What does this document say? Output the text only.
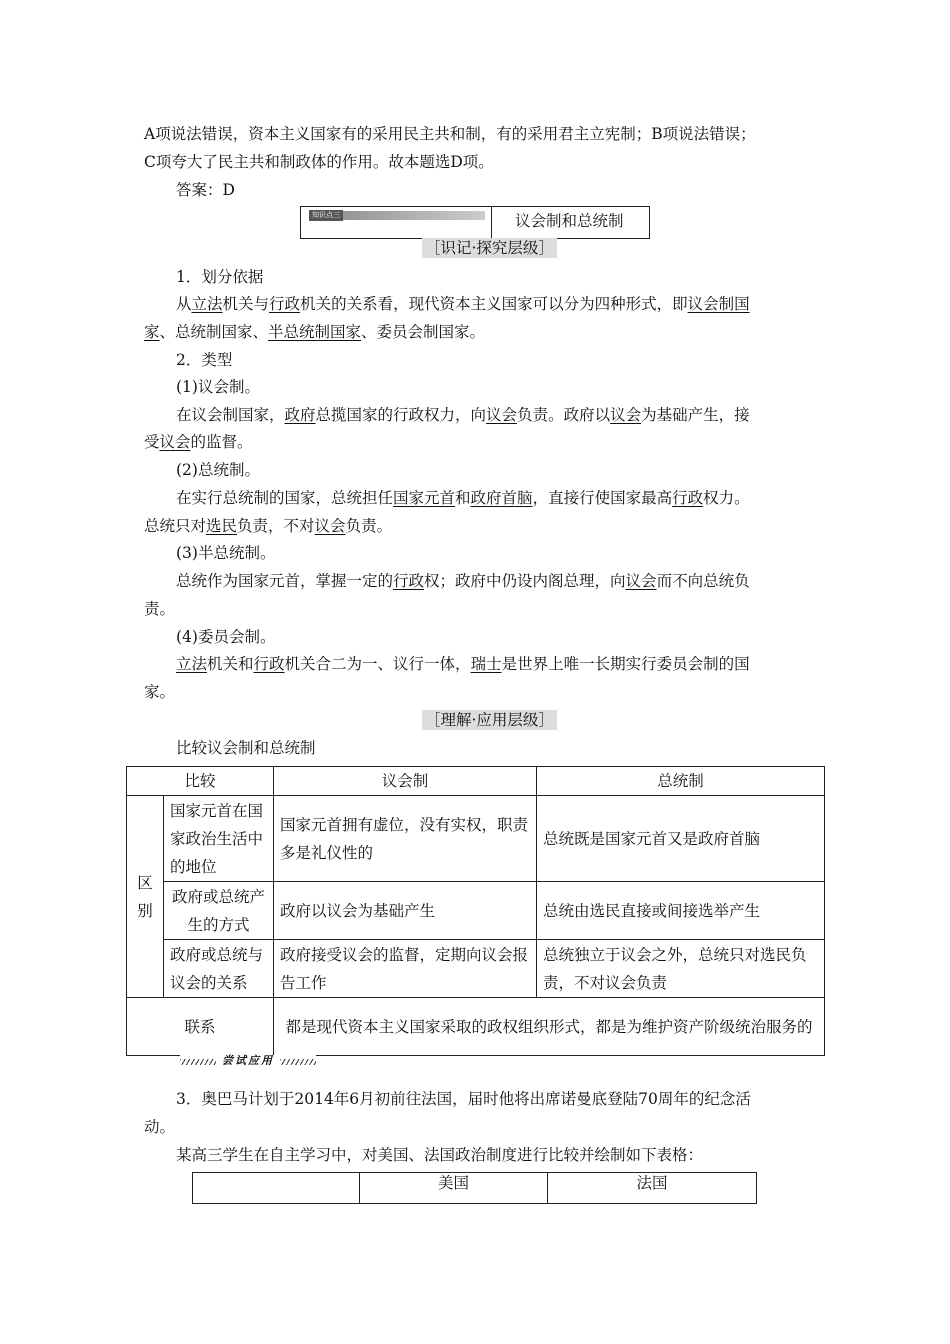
A项说法错误，资本主义国家有的采用民主共和制，有的采用君主立宪制；B项说法错误；
C项夸大了民主共和制政体的作用。故本题选D项。
答案：D
知识点三	议会制和总统制
［识记·探究层级］
1．划分依据
从立法机关与行政机关的关系看，现代资本主义国家可以分为四种形式，即议会制国
家、总统制国家、半总统制国家、委员会制国家。
2．类型
(1)议会制。
在议会制国家，政府总揽国家的行政权力，向议会负责。政府以议会为基础产生，接
受议会的监督。
(2)总统制。
在实行总统制的国家，总统担任国家元首和政府首脑，直接行使国家最高行政权力。
总统只对选民负责，不对议会负责。
(3)半总统制。
总统作为国家元首，掌握一定的行政权；政府中仍设内阁总理，向议会而不向总统负
责。
(4)委员会制。
立法机关和行政机关合二为一、议行一体，瑞士是世界上唯一长期实行委员会制的国
家。
［理解·应用层级］
比较议会制和总统制
比较		议会制	总统制
区别	国家元首在国家政治生活中的地位	国家元首拥有虚位，没有实权，职责多是礼仪性的	总统既是国家元首又是政府首脑
	政府或总统产生的方式	政府以议会为基础产生	总统由选民直接或间接选举产生
	政府或总统与议会的关系	政府接受议会的监督，定期向议会报告工作	总统独立于议会之外，总统只对选民负责，不对议会负责
联系		都是现代资本主义国家采取的政权组织形式，都是为维护资产阶级统治服务的	
尝试应用
3．奥巴马计划于2014年6月初前往法国，届时他将出席诺曼底登陆70周年的纪念活
动。
某高三学生在自主学习中，对美国、法国政治制度进行比较并绘制如下表格：
	美国	法国
